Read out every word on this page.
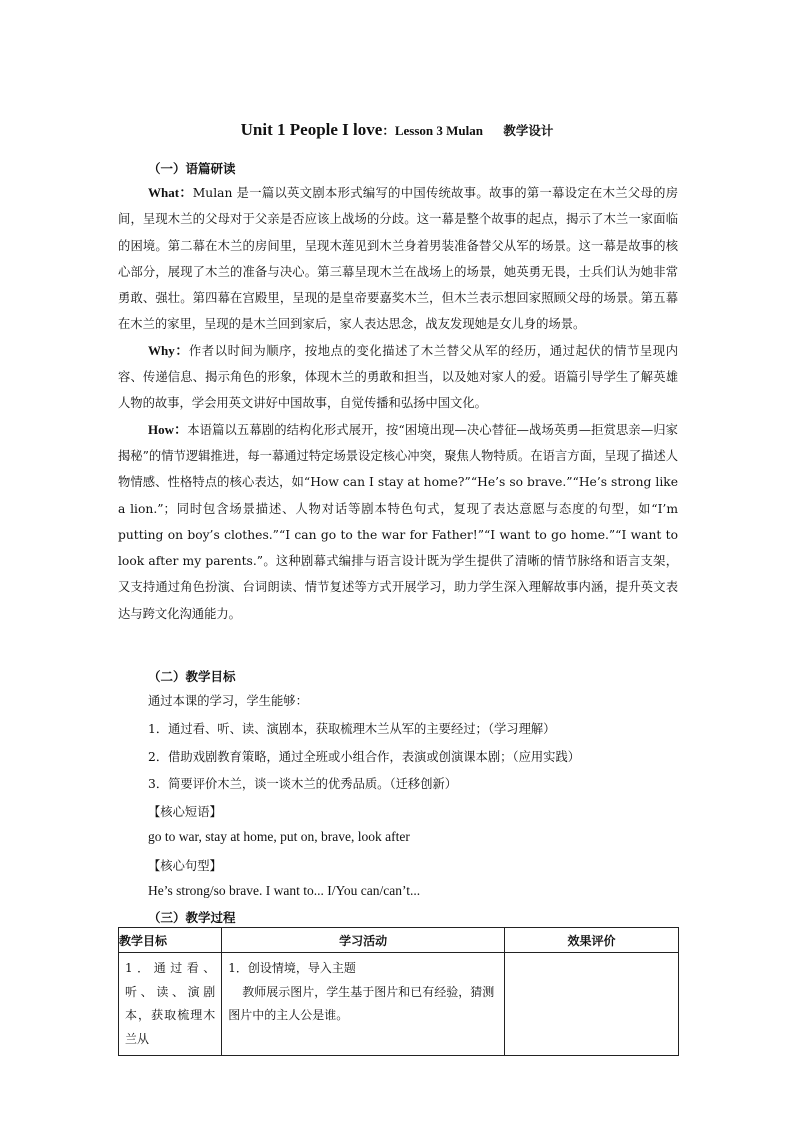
Unit 1 People I love：Lesson 3 Mulan 教学设计
（一）语篇研读

What：Mulan 是一篇以英文剧本形式编写的中国传统故事。故事的第一幕设定在木兰父母的房间，呈现木兰的父母对于父亲是否应该上战场的分歧。这一幕是整个故事的起点，揭示了木兰一家面临的困境。第二幕在木兰的房间里，呈现木莲见到木兰身着男装准备替父从军的场景。这一幕是故事的核心部分，展现了木兰的准备与决心。第三幕呈现木兰在战场上的场景，她英勇无畏，士兵们认为她非常勇敢、强壮。第四幕在宫殿里，呈现的是皇帝要嘉奖木兰，但木兰表示想回家照顾父母的场景。第五幕在木兰的家里，呈现的是木兰回到家后，家人表达思念，战友发现她是女儿身的场景。

Why：作者以时间为顺序，按地点的变化描述了木兰替父从军的经历，通过起伏的情节呈现内容、传递信息、揭示角色的形象，体现木兰的勇敢和担当，以及她对家人的爱。语篇引导学生了解英雄人物的故事，学会用英文讲好中国故事，自觉传播和弘扬中国文化。

How：本语篇以五幕剧的结构化形式展开，按“困境出现—决心替征—战场英勇—拒赏思亲—归家揭秘”的情节逻辑推进，每一幕通过特定场景设定核心冲突，聚焦人物特质。在语言方面，呈现了描述人物情感、性格特点的核心表达，如“How can I stay at home?”“He’s so brave.”“He’s strong like a lion.”；同时包含场景描述、人物对话等剧本特色句式，复现了表达意愿与态度的句型，如“I’m putting on boy’s clothes.”“I can go to the war for Father!”“I want to go home.”“I want to look after my parents.”。这种剧幕式编排与语言设计既为学生提供了清晰的情节脉络和语言支架，又支持通过角色扮演、台词朗读、情节复述等方式开展学习，助力学生深入理解故事内涵，提升英文表达与跨文化沟通能力。

（二）教学目标
通过本课的学习，学生能够：
1．通过看、听、读、演剧本，获取梳理木兰从军的主要经过；（学习理解）
2．借助戏剧教育策略，通过全班或小组合作，表演或创演课本剧；（应用实践）
3．简要评价木兰，谈一谈木兰的优秀品质。（迁移创新）
【核心短语】
go to war, stay at home, put on, brave, look after
【核心句型】
He’s strong/so brave. I want to... I/You can/can’t...
（三）教学过程
教学目标	学习活动	效果评价
1．通过看、听、读、演剧本，获取梳理木兰从	1．创设情境，导入主题
教师展示图片，学生基于图片和已有经验，猜测图片中的主人公是谁。	
